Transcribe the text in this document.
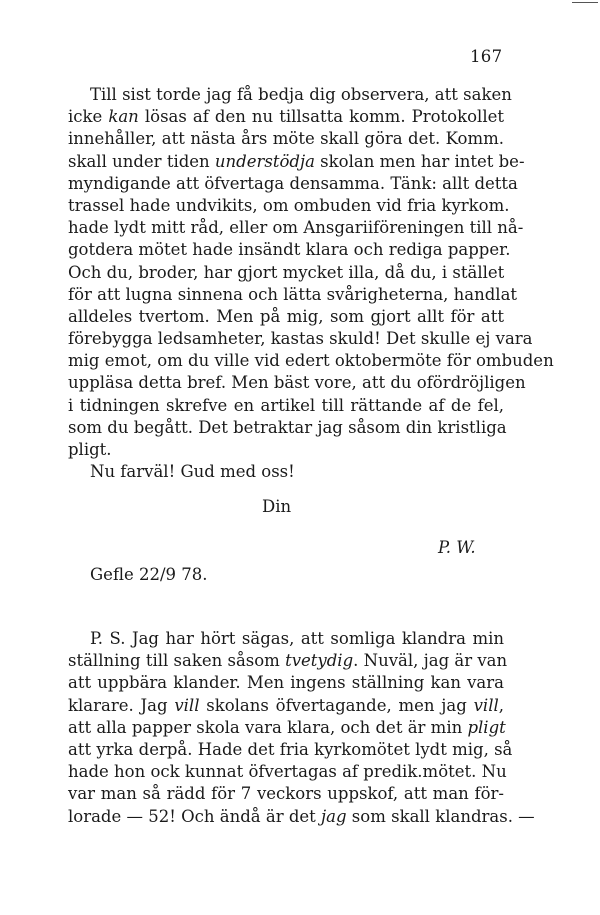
167
Till sist torde jag få bedja dig observera, att saken
icke kan lösas af den nu tillsatta komm. Protokollet
innehåller, att nästa års möte skall göra det. Komm.
skall under tiden understödja skolan men har intet be-
myndigande att öfvertaga densamma. Tänk: allt detta
trassel hade undvikits, om ombuden vid fria kyrkom.
hade lydt mitt råd, eller om Ansgariiföreningen till nå-
gotdera mötet hade insändt klara och rediga papper.
Och du, broder, har gjort mycket illa, då du, i stället
för att lugna sinnena och lätta svårigheterna, handlat
alldeles tvertom. Men på mig, som gjort allt för att
förebygga ledsamheter, kastas skuld! Det skulle ej vara
mig emot, om du ville vid edert oktobermöte för ombuden
uppläsa detta bref. Men bäst vore, att du ofördröjligen
i tidningen skrefve en artikel till rättande af de fel,
som du begått. Det betraktar jag såsom din kristliga
pligt.
Nu farväl! Gud med oss!
Din
P. W.
Gefle 22/9 78.
P. S. Jag har hört sägas, att somliga klandra min
ställning till saken såsom tvetydig. Nuväl, jag är van
att uppbära klander. Men ingens ställning kan vara
klarare. Jag vill skolans öfvertagande, men jag vill,
att alla papper skola vara klara, och det är min pligt
att yrka derpå. Hade det fria kyrkomötet lydt mig, så
hade hon ock kunnat öfvertagas af predik.mötet. Nu
var man så rädd för 7 veckors uppskof, att man för-
lorade — 52! Och ändå är det jag som skall klandras. —
